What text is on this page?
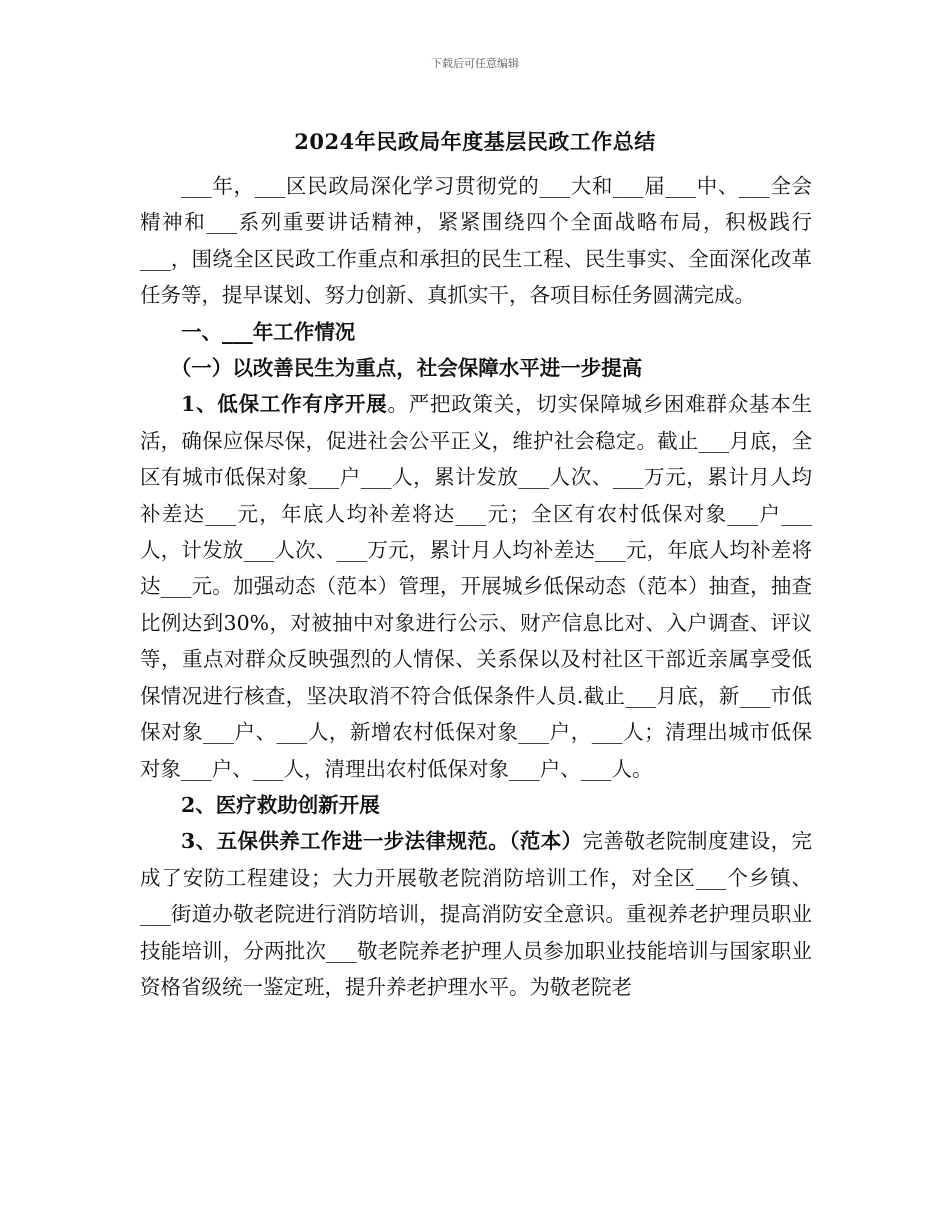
下载后可任意编辑
2024年民政局年度基层民政工作总结

___年，___区民政局深化学习贯彻党的___大和___届___中、___全会精神和___系列重要讲话精神，紧紧围绕四个全面战略布局，积极践行___，围绕全区民政工作重点和承担的民生工程、民生事实、全面深化改革任务等，提早谋划、努力创新、真抓实干，各项目标任务圆满完成。

一、___年工作情况

（一）以改善民生为重点，社会保障水平进一步提高

1、低保工作有序开展。严把政策关，切实保障城乡困难群众基本生活，确保应保尽保，促进社会公平正义，维护社会稳定。截止___月底，全区有城市低保对象___户___人，累计发放___人次、___万元，累计月人均补差达___元，年底人均补差将达___元；全区有农村低保对象___户___人，计发放___人次、___万元，累计月人均补差达___元，年底人均补差将达___元。加强动态（范本）管理，开展城乡低保动态（范本）抽查，抽查比例达到30%，对被抽中对象进行公示、财产信息比对、入户调查、评议等，重点对群众反映强烈的人情保、关系保以及村社区干部近亲属享受低保情况进行核查，坚决取消不符合低保条件人员.截止___月底，新___市低保对象___户、___人，新增农村低保对象___户，___人；清理出城市低保对象___户、___人，清理出农村低保对象___户、___人。

2、医疗救助创新开展

3、五保供养工作进一步法律规范。（范本）完善敬老院制度建设，完成了安防工程建设；大力开展敬老院消防培训工作，对全区___个乡镇、___街道办敬老院进行消防培训，提高消防安全意识。重视养老护理员职业技能培训，分两批次___敬老院养老护理人员参加职业技能培训与国家职业资格省级统一鉴定班，提升养老护理水平。为敬老院老
